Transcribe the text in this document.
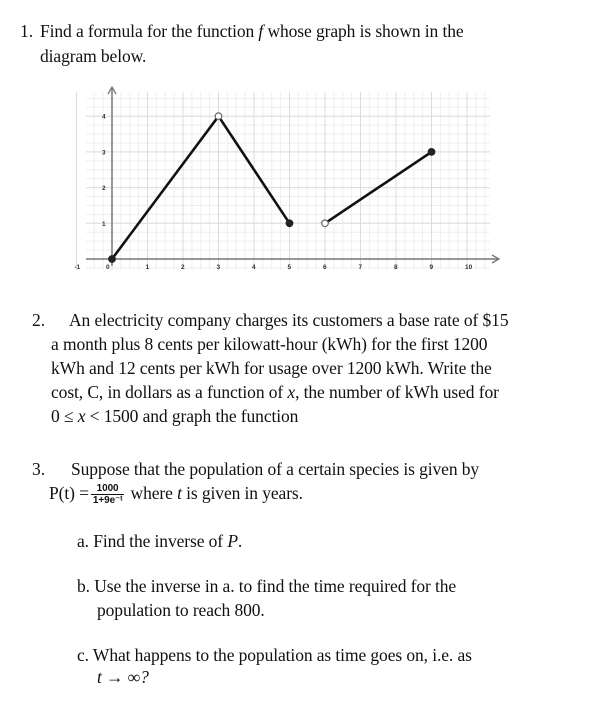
1. Find a formula for the function f whose graph is shown in the
diagram below.
-1	0	1	2	3	4	5	6	7	8	9	10
1
2
3
4
2. An electricity company charges its customers a base rate of $15
a month plus 8 cents per kilowatt-hour (kWh) for the first 1200
kWh and 12 cents per kWh for usage over 1200 kWh. Write the
cost, C, in dollars as a function of x, the number of kWh used for
0 ≤ x < 1500 and graph the function
3. Suppose that the population of a certain species is given by
$P(t) = \frac{1000}{\text{1+9e⁻ᵗ}}$ where t is given in years.
a. Find the inverse of P.
b. Use the inverse in a. to find the time required for the
population to reach 800.
c. What happens to the population as time goes on, i.e. as
t → ∞?
